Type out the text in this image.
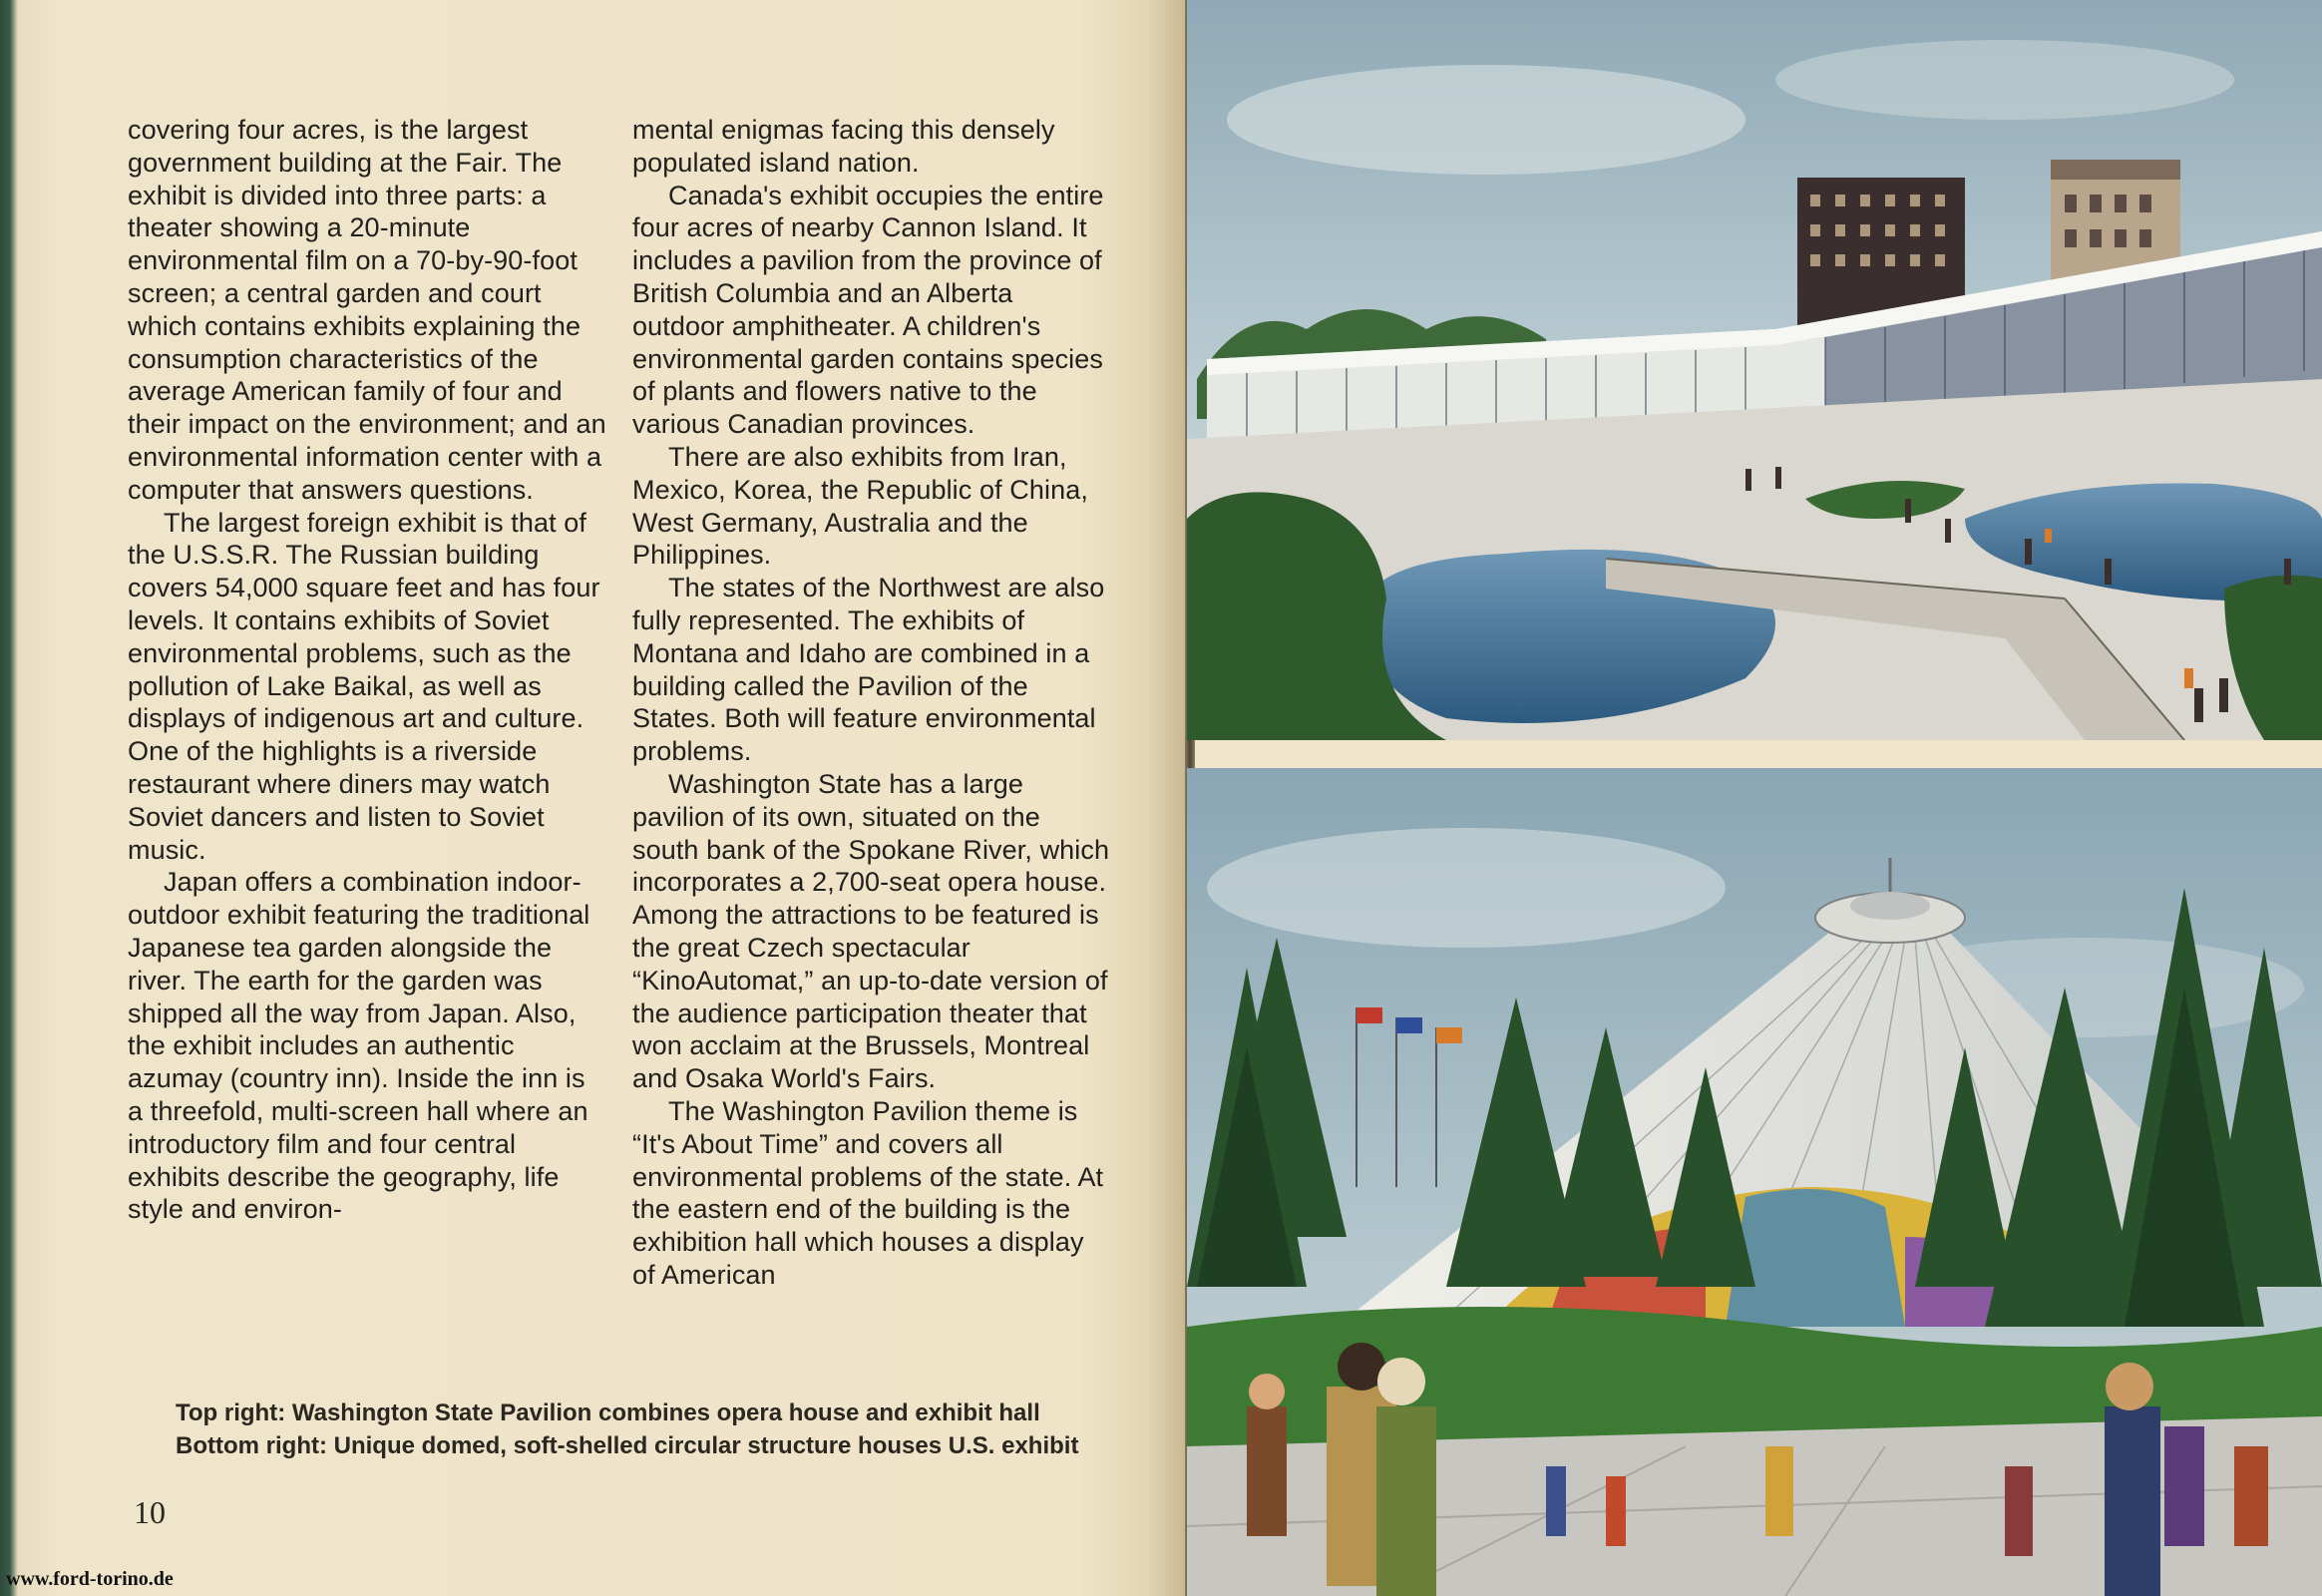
covering four acres, is the largest government building at the Fair. The exhibit is divided into three parts: a theater showing a 20-minute environmental film on a 70-by-90-foot screen; a central garden and court which contains exhibits explaining the consumption characteristics of the average American family of four and their impact on the environment; and an environmental information center with a computer that answers questions.

The largest foreign exhibit is that of the U.S.S.R. The Russian building covers 54,000 square feet and has four levels. It contains exhibits of Soviet environmental problems, such as the pollution of Lake Baikal, as well as displays of indigenous art and culture. One of the highlights is a riverside restaurant where diners may watch Soviet dancers and listen to Soviet music.

Japan offers a combination indoor-outdoor exhibit featuring the traditional Japanese tea garden alongside the river. The earth for the garden was shipped all the way from Japan. Also, the exhibit includes an authentic azumay (country inn). Inside the inn is a threefold, multi-screen hall where an introductory film and four central exhibits describe the geography, life style and environ-

mental enigmas facing this densely populated island nation.

Canada's exhibit occupies the entire four acres of nearby Cannon Island. It includes a pavilion from the province of British Columbia and an Alberta outdoor amphitheater. A children's environmental garden contains species of plants and flowers native to the various Canadian provinces.

There are also exhibits from Iran, Mexico, Korea, the Republic of China, West Germany, Australia and the Philippines.

The states of the Northwest are also fully represented. The exhibits of Montana and Idaho are combined in a building called the Pavilion of the States. Both will feature environmental problems.

Washington State has a large pavilion of its own, situated on the south bank of the Spokane River, which incorporates a 2,700-seat opera house. Among the attractions to be featured is the great Czech spectacular “KinoAutomat,” an up-to-date version of the audience participation theater that won acclaim at the Brussels, Montreal and Osaka World's Fairs.

The Washington Pavilion theme is “It's About Time” and covers all environmental problems of the state. At the eastern end of the building is the exhibition hall which houses a display of American

Top right: Washington State Pavilion combines opera house and exhibit hall
Bottom right: Unique domed, soft-shelled circular structure houses U.S. exhibit
10
www.ford-torino.de
